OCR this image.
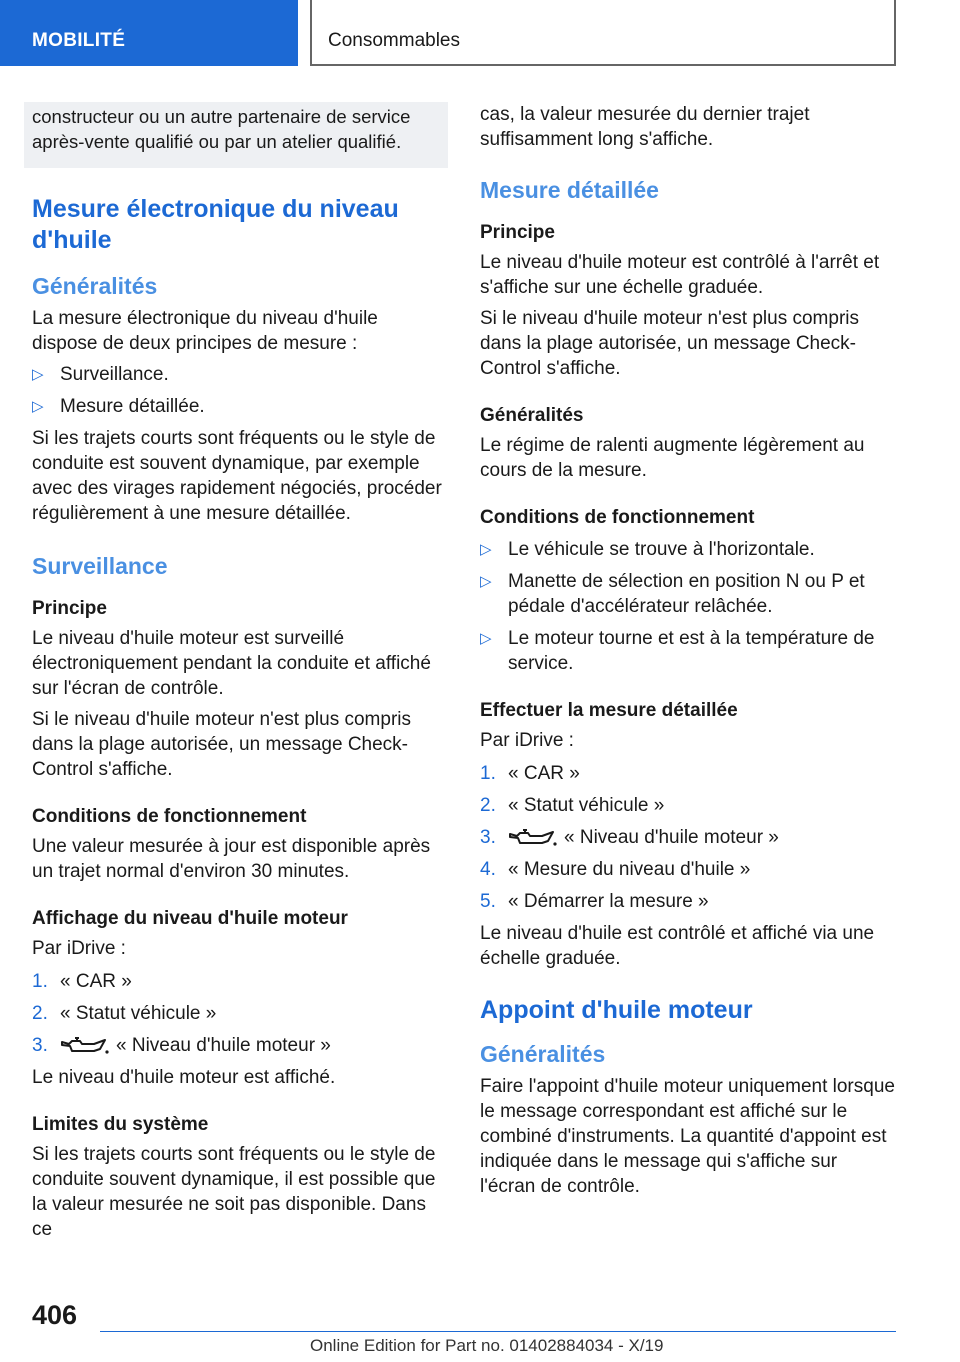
MOBILITÉ	Consommables

constructeur ou un autre partenaire de service après-vente qualifié ou par un atelier qualifié.

Mesure électronique du niveau d'huile
Généralités

La mesure électronique du niveau d'huile dispose de deux principes de mesure :

▷ Surveillance.
▷ Mesure détaillée.

Si les trajets courts sont fréquents ou le style de conduite est souvent dynamique, par exemple avec des virages rapidement négociés, procéder régulièrement à une mesure détaillée.

Surveillance
Principe

Le niveau d'huile moteur est surveillé électroniquement pendant la conduite et affiché sur l'écran de contrôle.

Si le niveau d'huile moteur n'est plus compris dans la plage autorisée, un message Check-Control s'affiche.

Conditions de fonctionnement

Une valeur mesurée à jour est disponible après un trajet normal d'environ 30 minutes.

Affichage du niveau d'huile moteur

Par iDrive :

1. « CAR »
2. « Statut véhicule »
3.	« Niveau d'huile moteur »

Le niveau d'huile moteur est affiché.

Limites du système

Si les trajets courts sont fréquents ou le style de conduite souvent dynamique, il est possible que la valeur mesurée ne soit pas disponible. Dans ce

cas, la valeur mesurée du dernier trajet suffisamment long s'affiche.

Mesure détaillée
Principe

Le niveau d'huile moteur est contrôlé à l'arrêt et s'affiche sur une échelle graduée.

Si le niveau d'huile moteur n'est plus compris dans la plage autorisée, un message Check-Control s'affiche.

Généralités

Le régime de ralenti augmente légèrement au cours de la mesure.

Conditions de fonctionnement
▷ Le véhicule se trouve à l'horizontale.
▷ Manette de sélection en position N ou P et pédale d'accélérateur relâchée.
▷ Le moteur tourne et est à la température de service.
Effectuer la mesure détaillée

Par iDrive :

1. « CAR »
2. « Statut véhicule »
3.	« Niveau d'huile moteur »
4. « Mesure du niveau d'huile »
5. « Démarrer la mesure »

Le niveau d'huile est contrôlé et affiché via une échelle graduée.

Appoint d'huile moteur
Généralités

Faire l'appoint d'huile moteur uniquement lorsque le message correspondant est affiché sur le combiné d'instruments. La quantité d'appoint est indiquée dans le message qui s'affiche sur l'écran de contrôle.

406
Online Edition for Part no. 01402884034 - X/19
